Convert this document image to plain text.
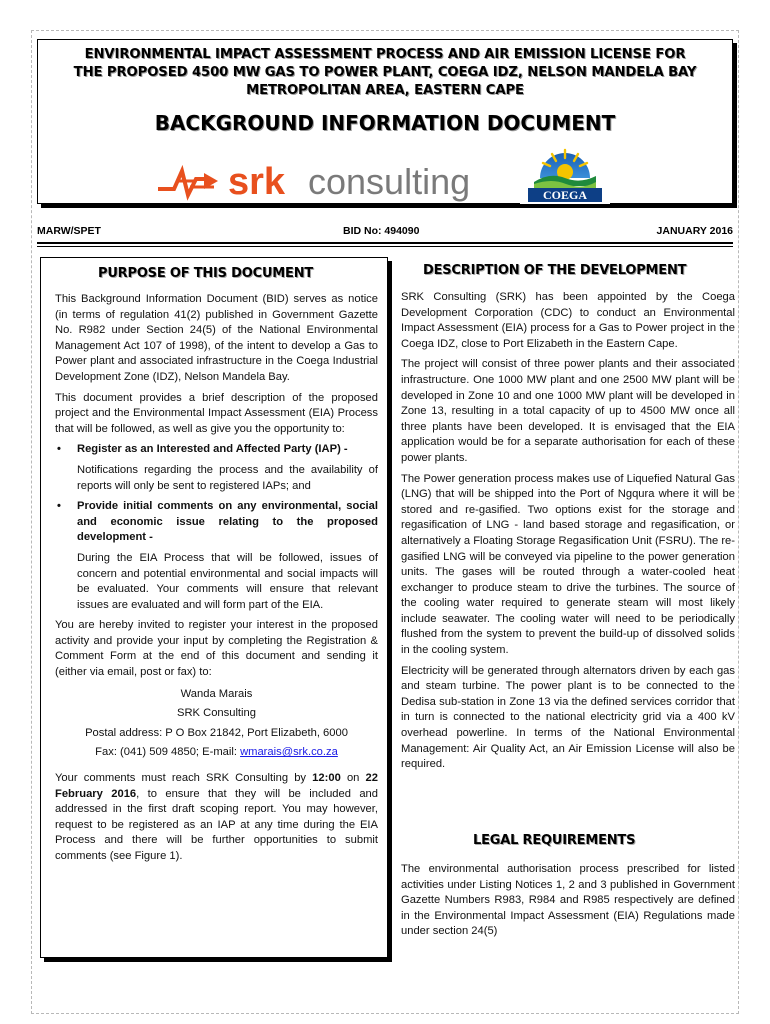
ENVIRONMENTAL IMPACT ASSESSMENT PROCESS AND AIR EMISSION LICENSE FOR
THE PROPOSED 4500 MW GAS TO POWER PLANT, COEGA IDZ, NELSON MANDELA BAY
METROPOLITAN AREA, EASTERN CAPE
BACKGROUND INFORMATION DOCUMENT
srk consulting	COEGA
MARW/SPET	BID No: 494090	JANUARY 2016
PURPOSE OF THIS DOCUMENT

This Background Information Document (BID) serves as notice (in terms of regulation 41(2) published in Government Gazette No. R982 under Section 24(5) of the National Environmental Management Act 107 of 1998), of the intent to develop a Gas to Power plant and associated infrastructure in the Coega Industrial Development Zone (IDZ), Nelson Mandela Bay.

This document provides a brief description of the proposed project and the Environmental Impact Assessment (EIA) Process that will be followed, as well as give you the opportunity to:

• Register as an Interested and Affected Party (IAP) -

Notifications regarding the process and the availability of reports will only be sent to registered IAPs; and

• Provide initial comments on any environmental, social and economic issue relating to the proposed development -

During the EIA Process that will be followed, issues of concern and potential environmental and social impacts will be evaluated. Your comments will ensure that relevant issues are evaluated and will form part of the EIA.

You are hereby invited to register your interest in the proposed activity and provide your input by completing the Registration & Comment Form at the end of this document and sending it (either via email, post or fax) to:

Wanda Marais
SRK Consulting
Postal address: P O Box 21842, Port Elizabeth, 6000
Fax: (041) 509 4850; E-mail: wmarais@srk.co.za

Your comments must reach SRK Consulting by 12:00 on 22 February 2016, to ensure that they will be included and addressed in the first draft scoping report. You may however, request to be registered as an IAP at any time during the EIA Process and there will be further opportunities to submit comments (see Figure 1).

DESCRIPTION OF THE DEVELOPMENT

SRK Consulting (SRK) has been appointed by the Coega Development Corporation (CDC) to conduct an Environmental Impact Assessment (EIA) process for a Gas to Power project in the Coega IDZ, close to Port Elizabeth in the Eastern Cape.

The project will consist of three power plants and their associated infrastructure. One 1000 MW plant and one 2500 MW plant will be developed in Zone 10 and one 1000 MW plant will be developed in Zone 13, resulting in a total capacity of up to 4500 MW once all three plants have been developed. It is envisaged that the EIA application would be for a separate authorisation for each of these power plants.

The Power generation process makes use of Liquefied Natural Gas (LNG) that will be shipped into the Port of Ngqura where it will be stored and re-gasified. Two options exist for the storage and regasification of LNG - land based storage and regasification, or alternatively a Floating Storage Regasification Unit (FSRU). The re-gasified LNG will be conveyed via pipeline to the power generation units. The gases will be routed through a water-cooled heat exchanger to produce steam to drive the turbines. The source of the cooling water required to generate steam will most likely include seawater. The cooling water will need to be periodically flushed from the system to prevent the build-up of dissolved solids in the cooling system.

Electricity will be generated through alternators driven by each gas and steam turbine. The power plant is to be connected to the Dedisa sub-station in Zone 13 via the defined services corridor that in turn is connected to the national electricity grid via a 400 kV overhead powerline. In terms of the National Environmental Management: Air Quality Act, an Air Emission License will also be required.

LEGAL REQUIREMENTS

The environmental authorisation process prescribed for listed activities under Listing Notices 1, 2 and 3 published in Government Gazette Numbers R983, R984 and R985 respectively are defined in the Environmental Impact Assessment (EIA) Regulations made under section 24(5)
